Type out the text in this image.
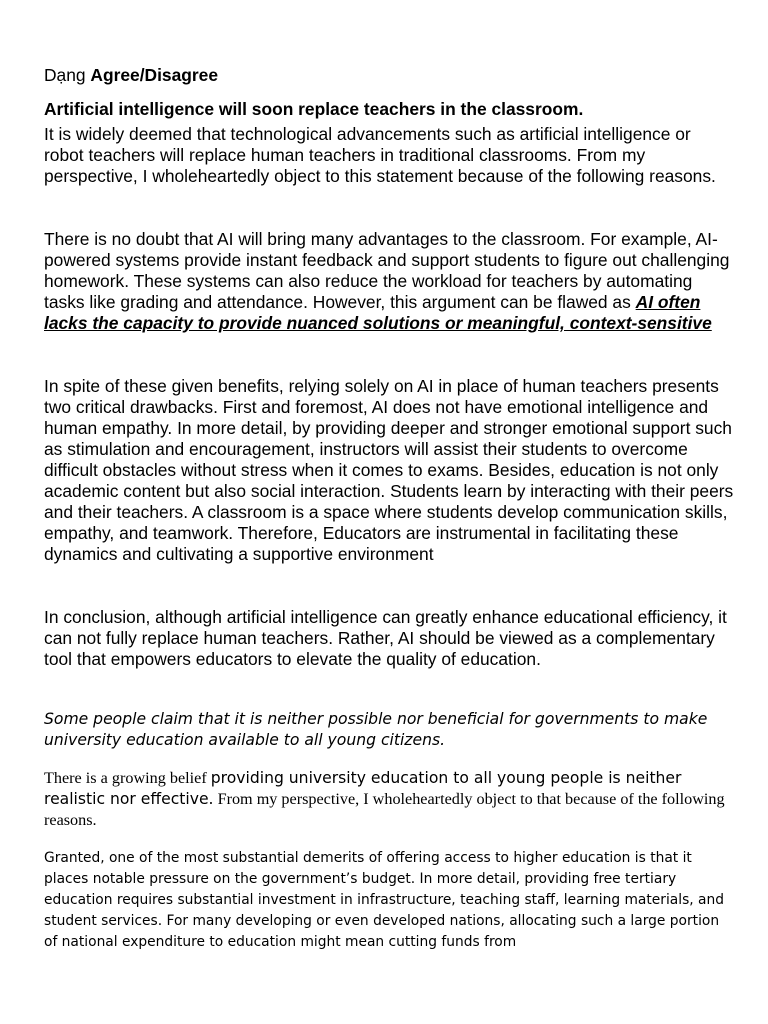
Dạng Agree/Disagree

Artificial intelligence will soon replace teachers in the classroom.

It is widely deemed that technological advancements such as artificial intelligence or robot teachers will replace human teachers in traditional classrooms. From my perspective, I wholeheartedly object to this statement because of the following reasons.

There is no doubt that AI will bring many advantages to the classroom. For example, AI-powered systems provide instant feedback and support students to figure out challenging homework. These systems can also reduce the workload for teachers by automating tasks like grading and attendance. However, this argument can be flawed as AI often lacks the capacity to provide nuanced solutions or meaningful, context-sensitive

In spite of these given benefits, relying solely on AI in place of human teachers presents two critical drawbacks. First and foremost, AI does not have emotional intelligence and human empathy. In more detail, by providing deeper and stronger emotional support such as stimulation and encouragement, instructors will assist their students to overcome difficult obstacles without stress when it comes to exams. Besides, education is not only academic content but also social interaction. Students learn by interacting with their peers and their teachers. A classroom is a space where students develop communication skills, empathy, and teamwork. Therefore, Educators are instrumental in facilitating these dynamics and cultivating a supportive environment

In conclusion, although artificial intelligence can greatly enhance educational efficiency, it can not fully replace human teachers. Rather, AI should be viewed as a complementary tool that empowers educators to elevate the quality of education.

Some people claim that it is neither possible nor beneficial for governments to make university education available to all young citizens.

There is a growing belief providing university education to all young people is neither realistic nor effective. From my perspective, I wholeheartedly object to that because of the following reasons.

Granted, one of the most substantial demerits of offering access to higher education is that it places notable pressure on the government’s budget. In more detail, providing free tertiary education requires substantial investment in infrastructure, teaching staff, learning materials, and student services. For many developing or even developed nations, allocating such a large portion of national expenditure to education might mean cutting funds from
